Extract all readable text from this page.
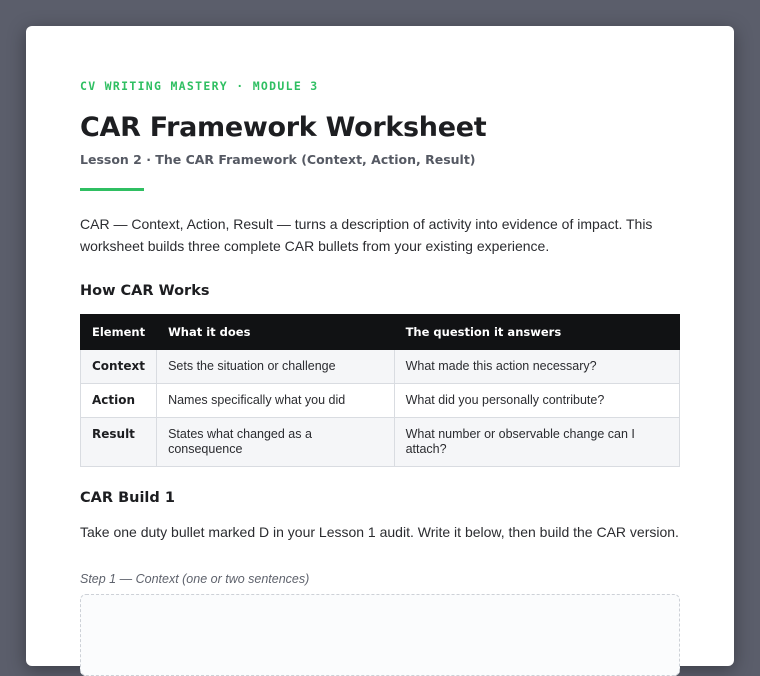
CV WRITING MASTERY · MODULE 3
CAR Framework Worksheet
Lesson 2 · The CAR Framework (Context, Action, Result)

CAR — Context, Action, Result — turns a description of activity into evidence of impact. This worksheet builds three complete CAR bullets from your existing experience.

How CAR Works
Element	What it does	The question it answers
Context	Sets the situation or challenge	What made this action necessary?
Action	Names specifically what you did	What did you personally contribute?
Result	States what changed as a consequence	What number or observable change can I attach?
CAR Build 1

Take one duty bullet marked D in your Lesson 1 audit. Write it below, then build the CAR version.

Step 1 — Context (one or two sentences)
